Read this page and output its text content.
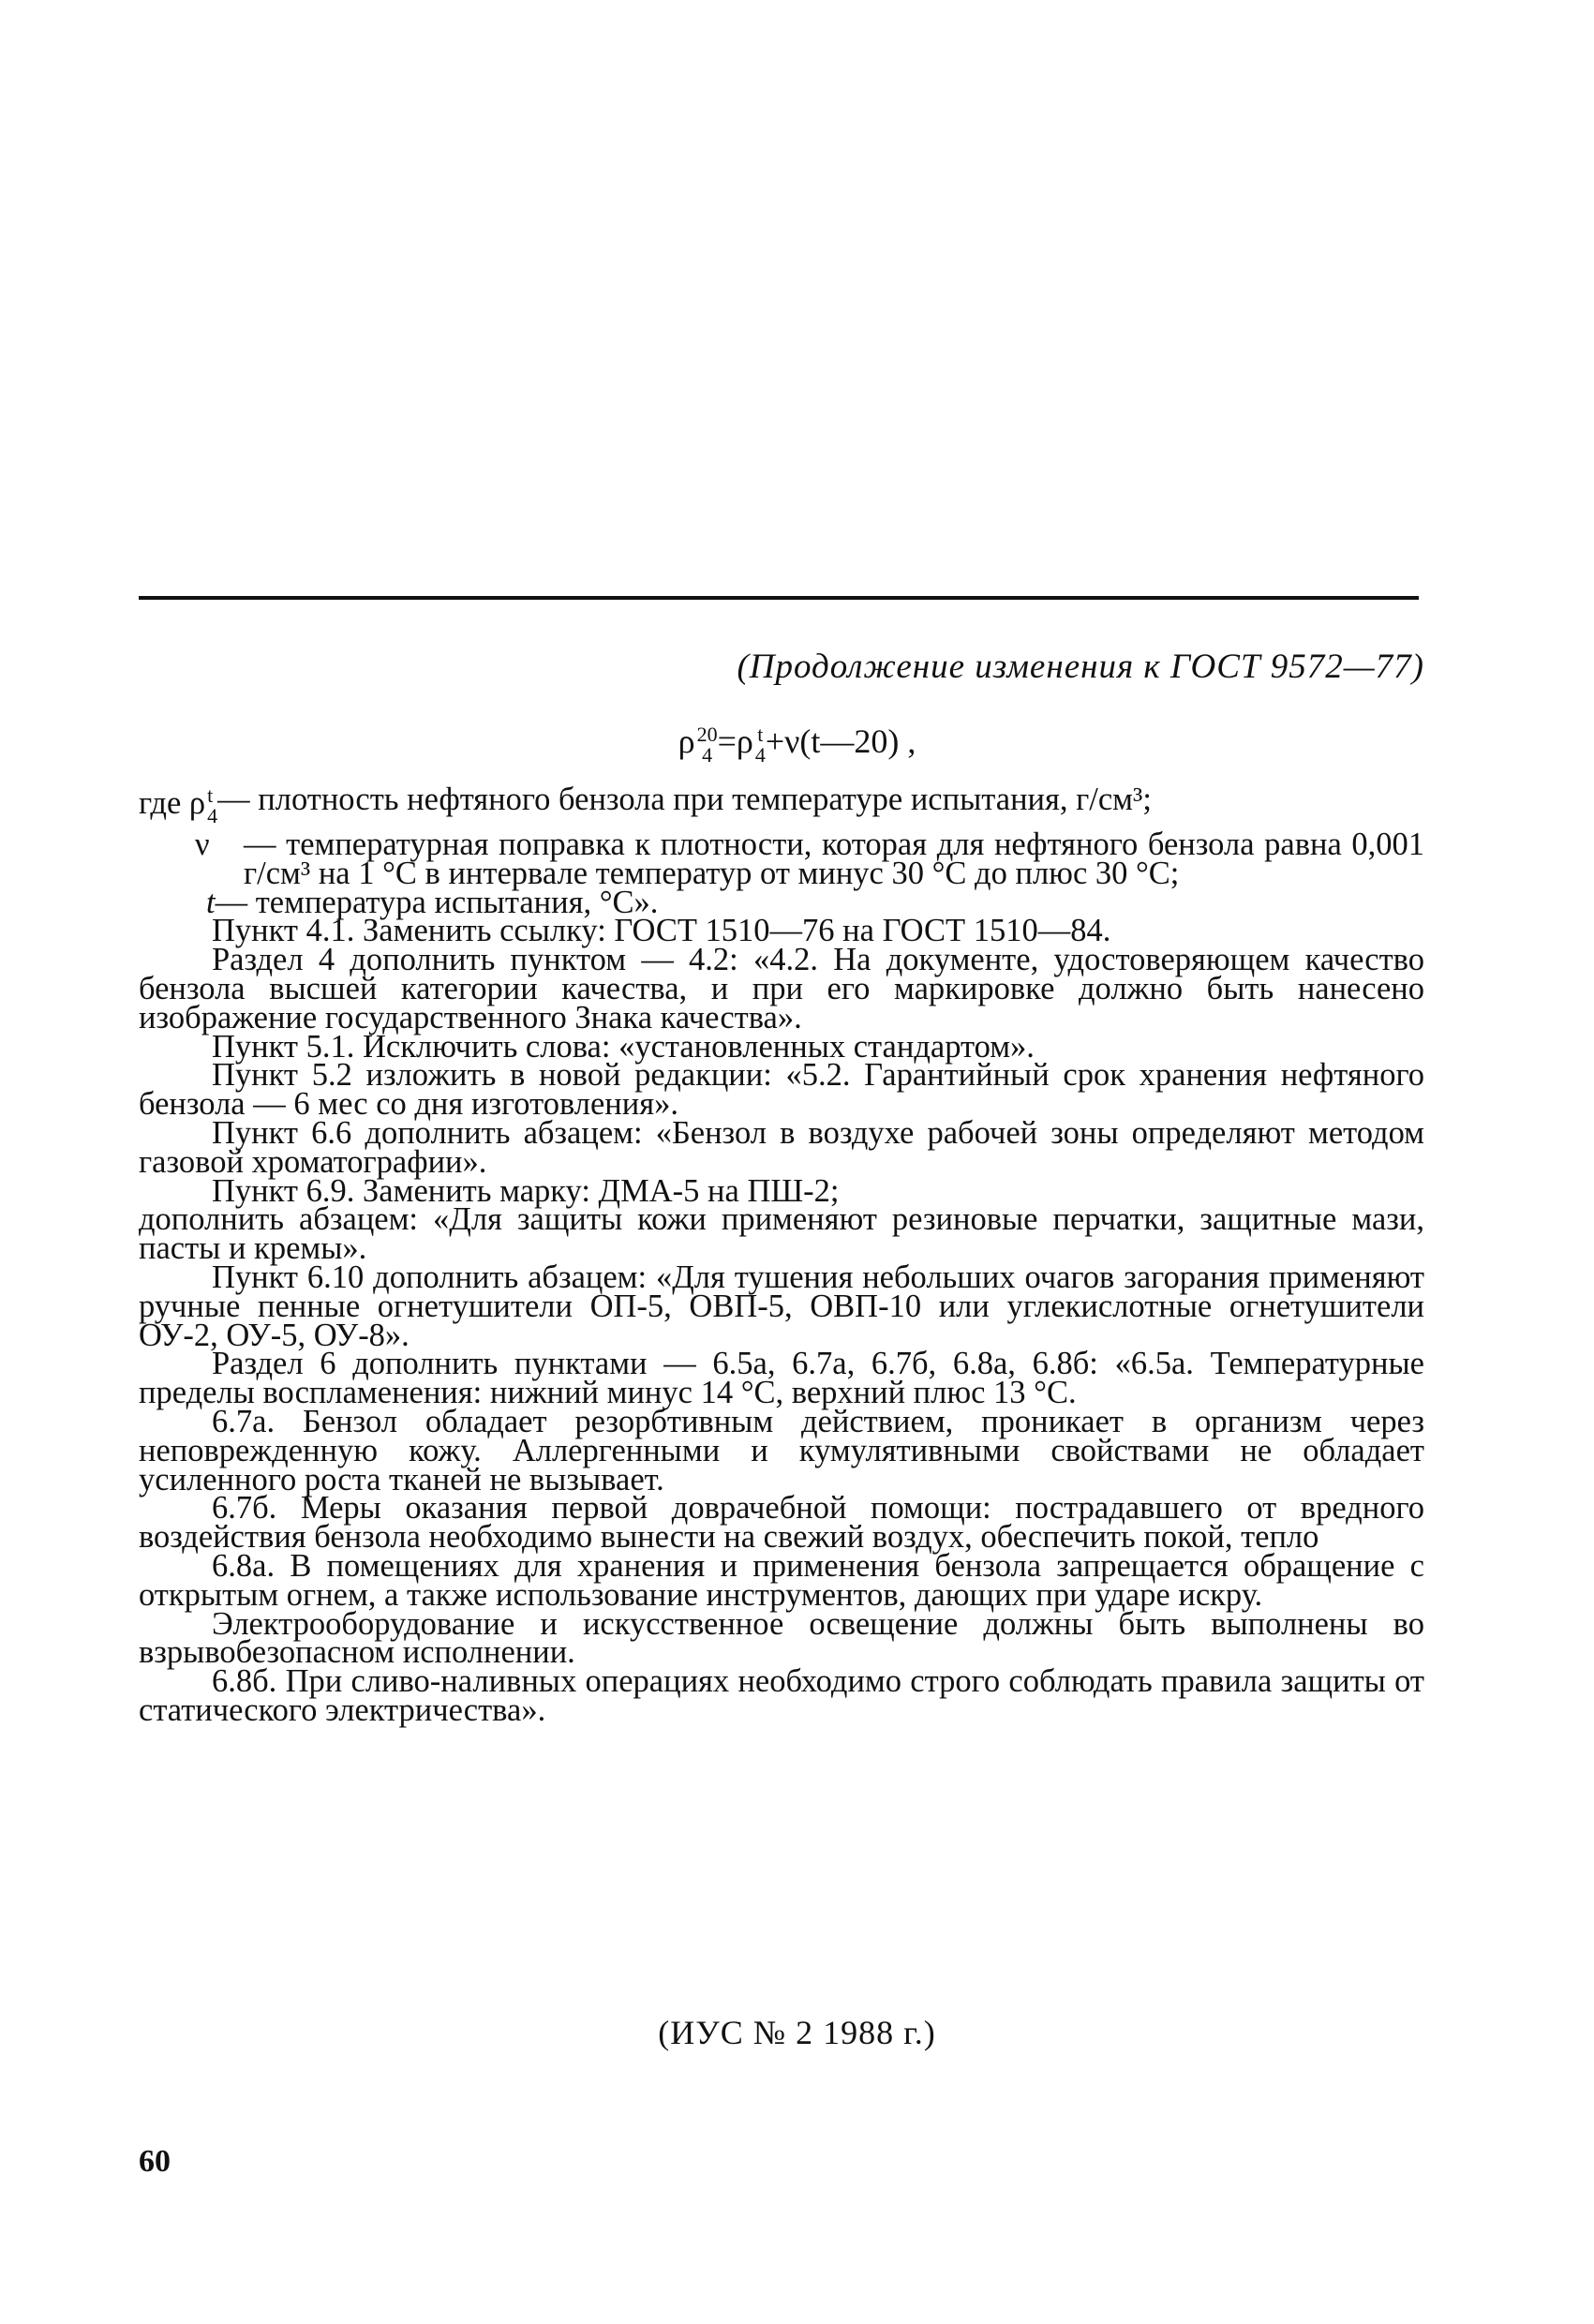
(Продолжение изменения к ГОСТ 9572—77)
ρ 20
4 =ρ t
4 +ν(t—20) ,
где ρ t
4 — плотность нефтяного бензола при температуре испытания, г/см³;
ν	— температурная поправка к плотности, которая для нефтяного бензола равна 0,001 г/см³ на 1 °С в интервале температур от минус 30 °С до плюс 30 °С;
t — температура испытания, °С».

Пункт 4.1. Заменить ссылку: ГОСТ 1510—76 на ГОСТ 1510—84.

Раздел 4 дополнить пунктом — 4.2: «4.2. На документе, удостоверяющем качество бензола высшей категории качества, и при его маркировке должно быть нанесено изображение государственного Знака качества».

Пункт 5.1. Исключить слова: «установленных стандартом».

Пункт 5.2 изложить в новой редакции: «5.2. Гарантийный срок хранения нефтяного бензола — 6 мес со дня изготовления».

Пункт 6.6 дополнить абзацем: «Бензол в воздухе рабочей зоны определяют методом газовой хроматографии».

Пункт 6.9. Заменить марку: ДМА-5 на ПШ-2;

дополнить абзацем: «Для защиты кожи применяют резиновые перчатки, защитные мази, пасты и кремы».

Пункт 6.10 дополнить абзацем: «Для тушения небольших очагов загорания применяют ручные пенные огнетушители ОП-5, ОВП-5, ОВП-10 или углекислотные огнетушители ОУ-2, ОУ-5, ОУ-8».

Раздел 6 дополнить пунктами — 6.5а, 6.7а, 6.7б, 6.8а, 6.8б: «6.5а. Температурные пределы воспламенения: нижний минус 14 °С, верхний плюс 13 °С.

6.7а. Бензол обладает резорбтивным действием, проникает в организм через неповрежденную кожу. Аллергенными и кумулятивными свойствами не обладает усиленного роста тканей не вызывает.

6.7б. Меры оказания первой доврачебной помощи: пострадавшего от вредного воздействия бензола необходимо вынести на свежий воздух, обеспечить покой, тепло

6.8а. В помещениях для хранения и применения бензола запрещается обращение с открытым огнем, а также использование инструментов, дающих при ударе искру.

Электрооборудование и искусственное освещение должны быть выполнены во взрывобезопасном исполнении.

6.8б. При сливо-наливных операциях необходимо строго соблюдать правила защиты от статического электричества».

(ИУС № 2 1988 г.)
60
